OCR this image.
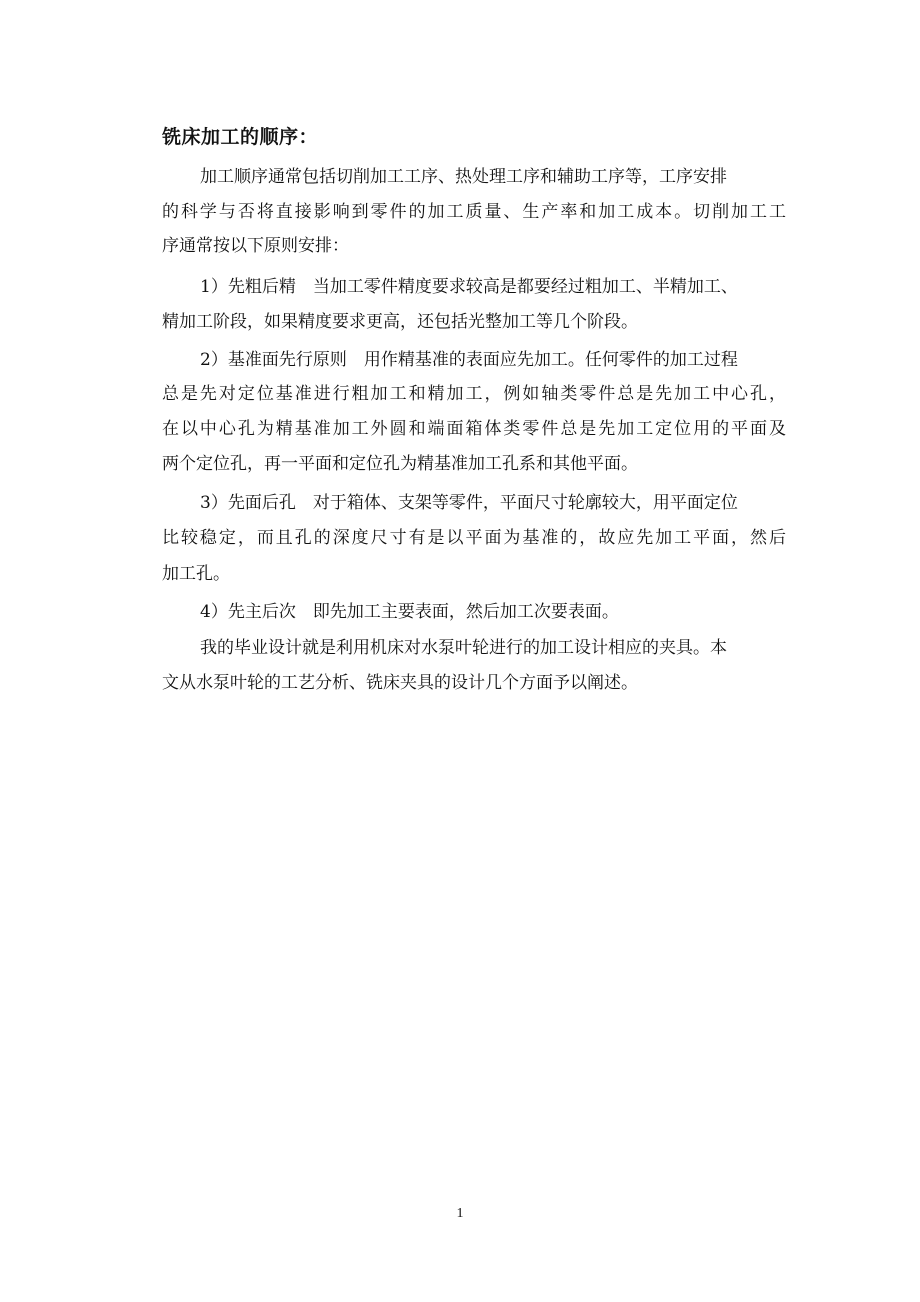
铣床加工的顺序：
加工顺序通常包括切削加工工序、热处理工序和辅助工序等，工序安排
的科学与否将直接影响到零件的加工质量、生产率和加工成本。切削加工工
序通常按以下原则安排：
1）先粗后精　当加工零件精度要求较高是都要经过粗加工、半精加工、
精加工阶段，如果精度要求更高，还包括光整加工等几个阶段。
2）基准面先行原则　用作精基准的表面应先加工。任何零件的加工过程
总是先对定位基准进行粗加工和精加工，例如轴类零件总是先加工中心孔，
在以中心孔为精基准加工外圆和端面箱体类零件总是先加工定位用的平面及
两个定位孔，再一平面和定位孔为精基准加工孔系和其他平面。
3）先面后孔　对于箱体、支架等零件，平面尺寸轮廓较大，用平面定位
比较稳定，而且孔的深度尺寸有是以平面为基准的，故应先加工平面，然后
加工孔。
4）先主后次　即先加工主要表面，然后加工次要表面。
我的毕业设计就是利用机床对水泵叶轮进行的加工设计相应的夹具。本
文从水泵叶轮的工艺分析、铣床夹具的设计几个方面予以阐述。
1
